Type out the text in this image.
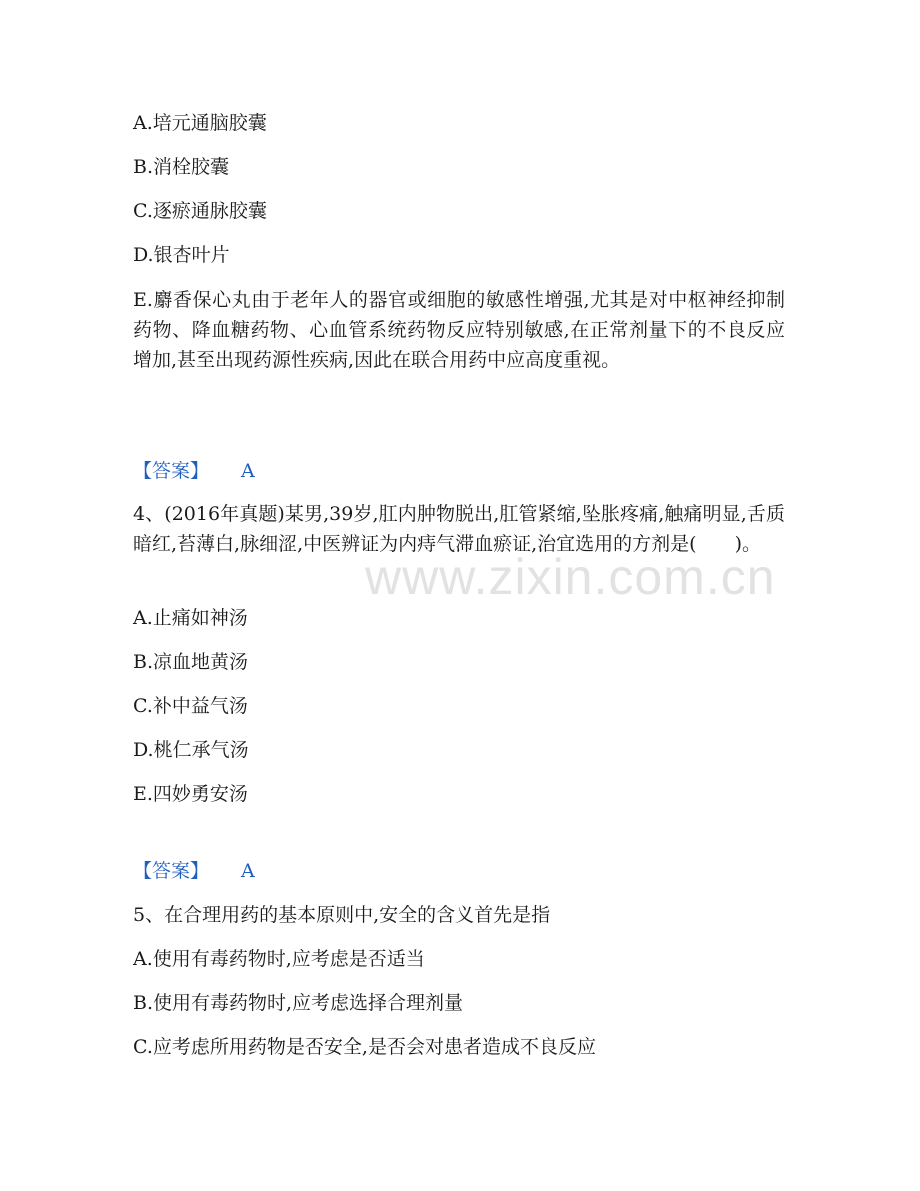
www.zixin.com.cn
A.培元通脑胶囊
B.消栓胶囊
C.逐瘀通脉胶囊
D.银杏叶片
E.麝香保心丸由于老年人的器官或细胞的敏感性增强,尤其是对中枢神经抑制药物、降血糖药物、心血管系统药物反应特别敏感,在正常剂量下的不良反应增加,甚至出现药源性疾病,因此在联合用药中应高度重视。
【答案】 A
4、(2016年真题)某男,39岁,肛内肿物脱出,肛管紧缩,坠胀疼痛,触痛明显,舌质暗红,苔薄白,脉细涩,中医辨证为内痔气滞血瘀证,治宜选用的方剂是(　　)。
A.止痛如神汤
B.凉血地黄汤
C.补中益气汤
D.桃仁承气汤
E.四妙勇安汤
【答案】 A
5、在合理用药的基本原则中,安全的含义首先是指
A.使用有毒药物时,应考虑是否适当
B.使用有毒药物时,应考虑选择合理剂量
C.应考虑所用药物是否安全,是否会对患者造成不良反应
